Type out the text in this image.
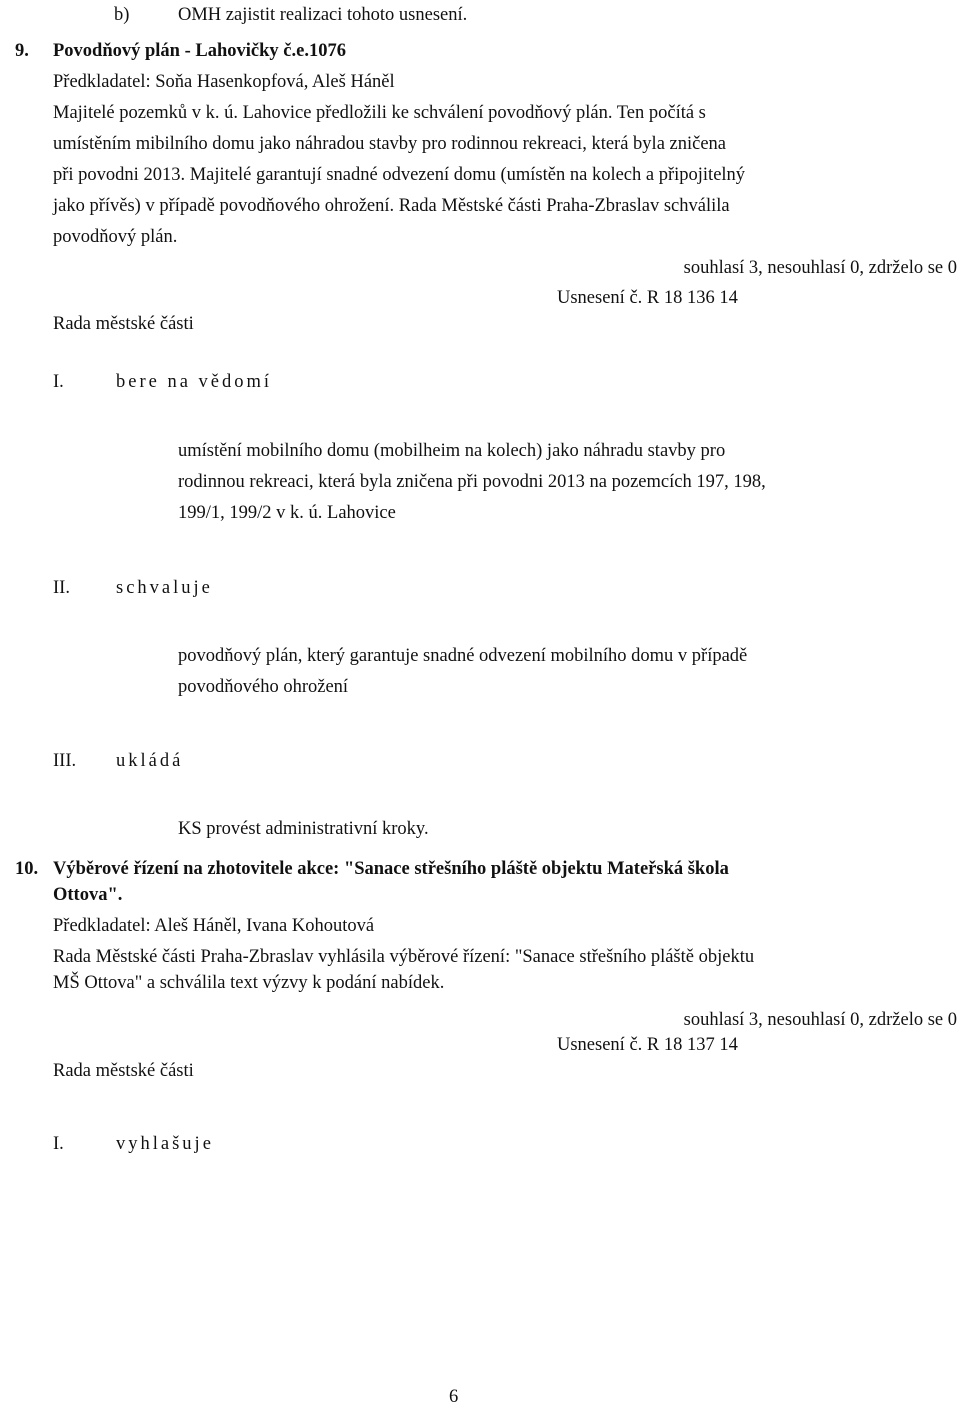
b)	OMH zajistit realizaci tohoto usnesení.
9. Povodňový plán - Lahovičky č.e.1076
Předkladatel: Soňa Hasenkopfová, Aleš Háněl
Majitelé pozemků v k. ú. Lahovice předložili ke schválení povodňový plán. Ten počítá s
umístěním mibilního domu jako náhradou stavby pro rodinnou rekreaci, která byla zničena
při povodni 2013. Majitelé garantují snadné odvezení domu (umístěn na kolech a připojitelný
jako přívěs) v případě povodňového ohrožení. Rada Městské části Praha-Zbraslav schválila
povodňový plán.
souhlasí 3, nesouhlasí 0, zdrželo se 0
Usnesení č. R 18 136 14
Rada městské části
I.	bere na vědomí
umístění mobilního domu (mobilheim na kolech) jako náhradu stavby pro
rodinnou rekreaci, která byla zničena při povodni 2013 na pozemcích 197, 198,
199/1, 199/2 v k. ú. Lahovice
II. schvaluje
povodňový plán, který garantuje snadné odvezení mobilního domu v případě
povodňového ohrožení
III. ukládá
KS provést administrativní kroky.
10. Výběrové řízení na zhotovitele akce: "Sanace střešního pláště objektu Mateřská škola
Ottova".
Předkladatel: Aleš Háněl, Ivana Kohoutová
Rada Městské části Praha-Zbraslav vyhlásila výběrové řízení: "Sanace střešního pláště objektu
MŠ Ottova" a schválila text výzvy k podání nabídek.
souhlasí 3, nesouhlasí 0, zdrželo se 0
Usnesení č. R 18 137 14
Rada městské části
I.	vyhlašuje
6
